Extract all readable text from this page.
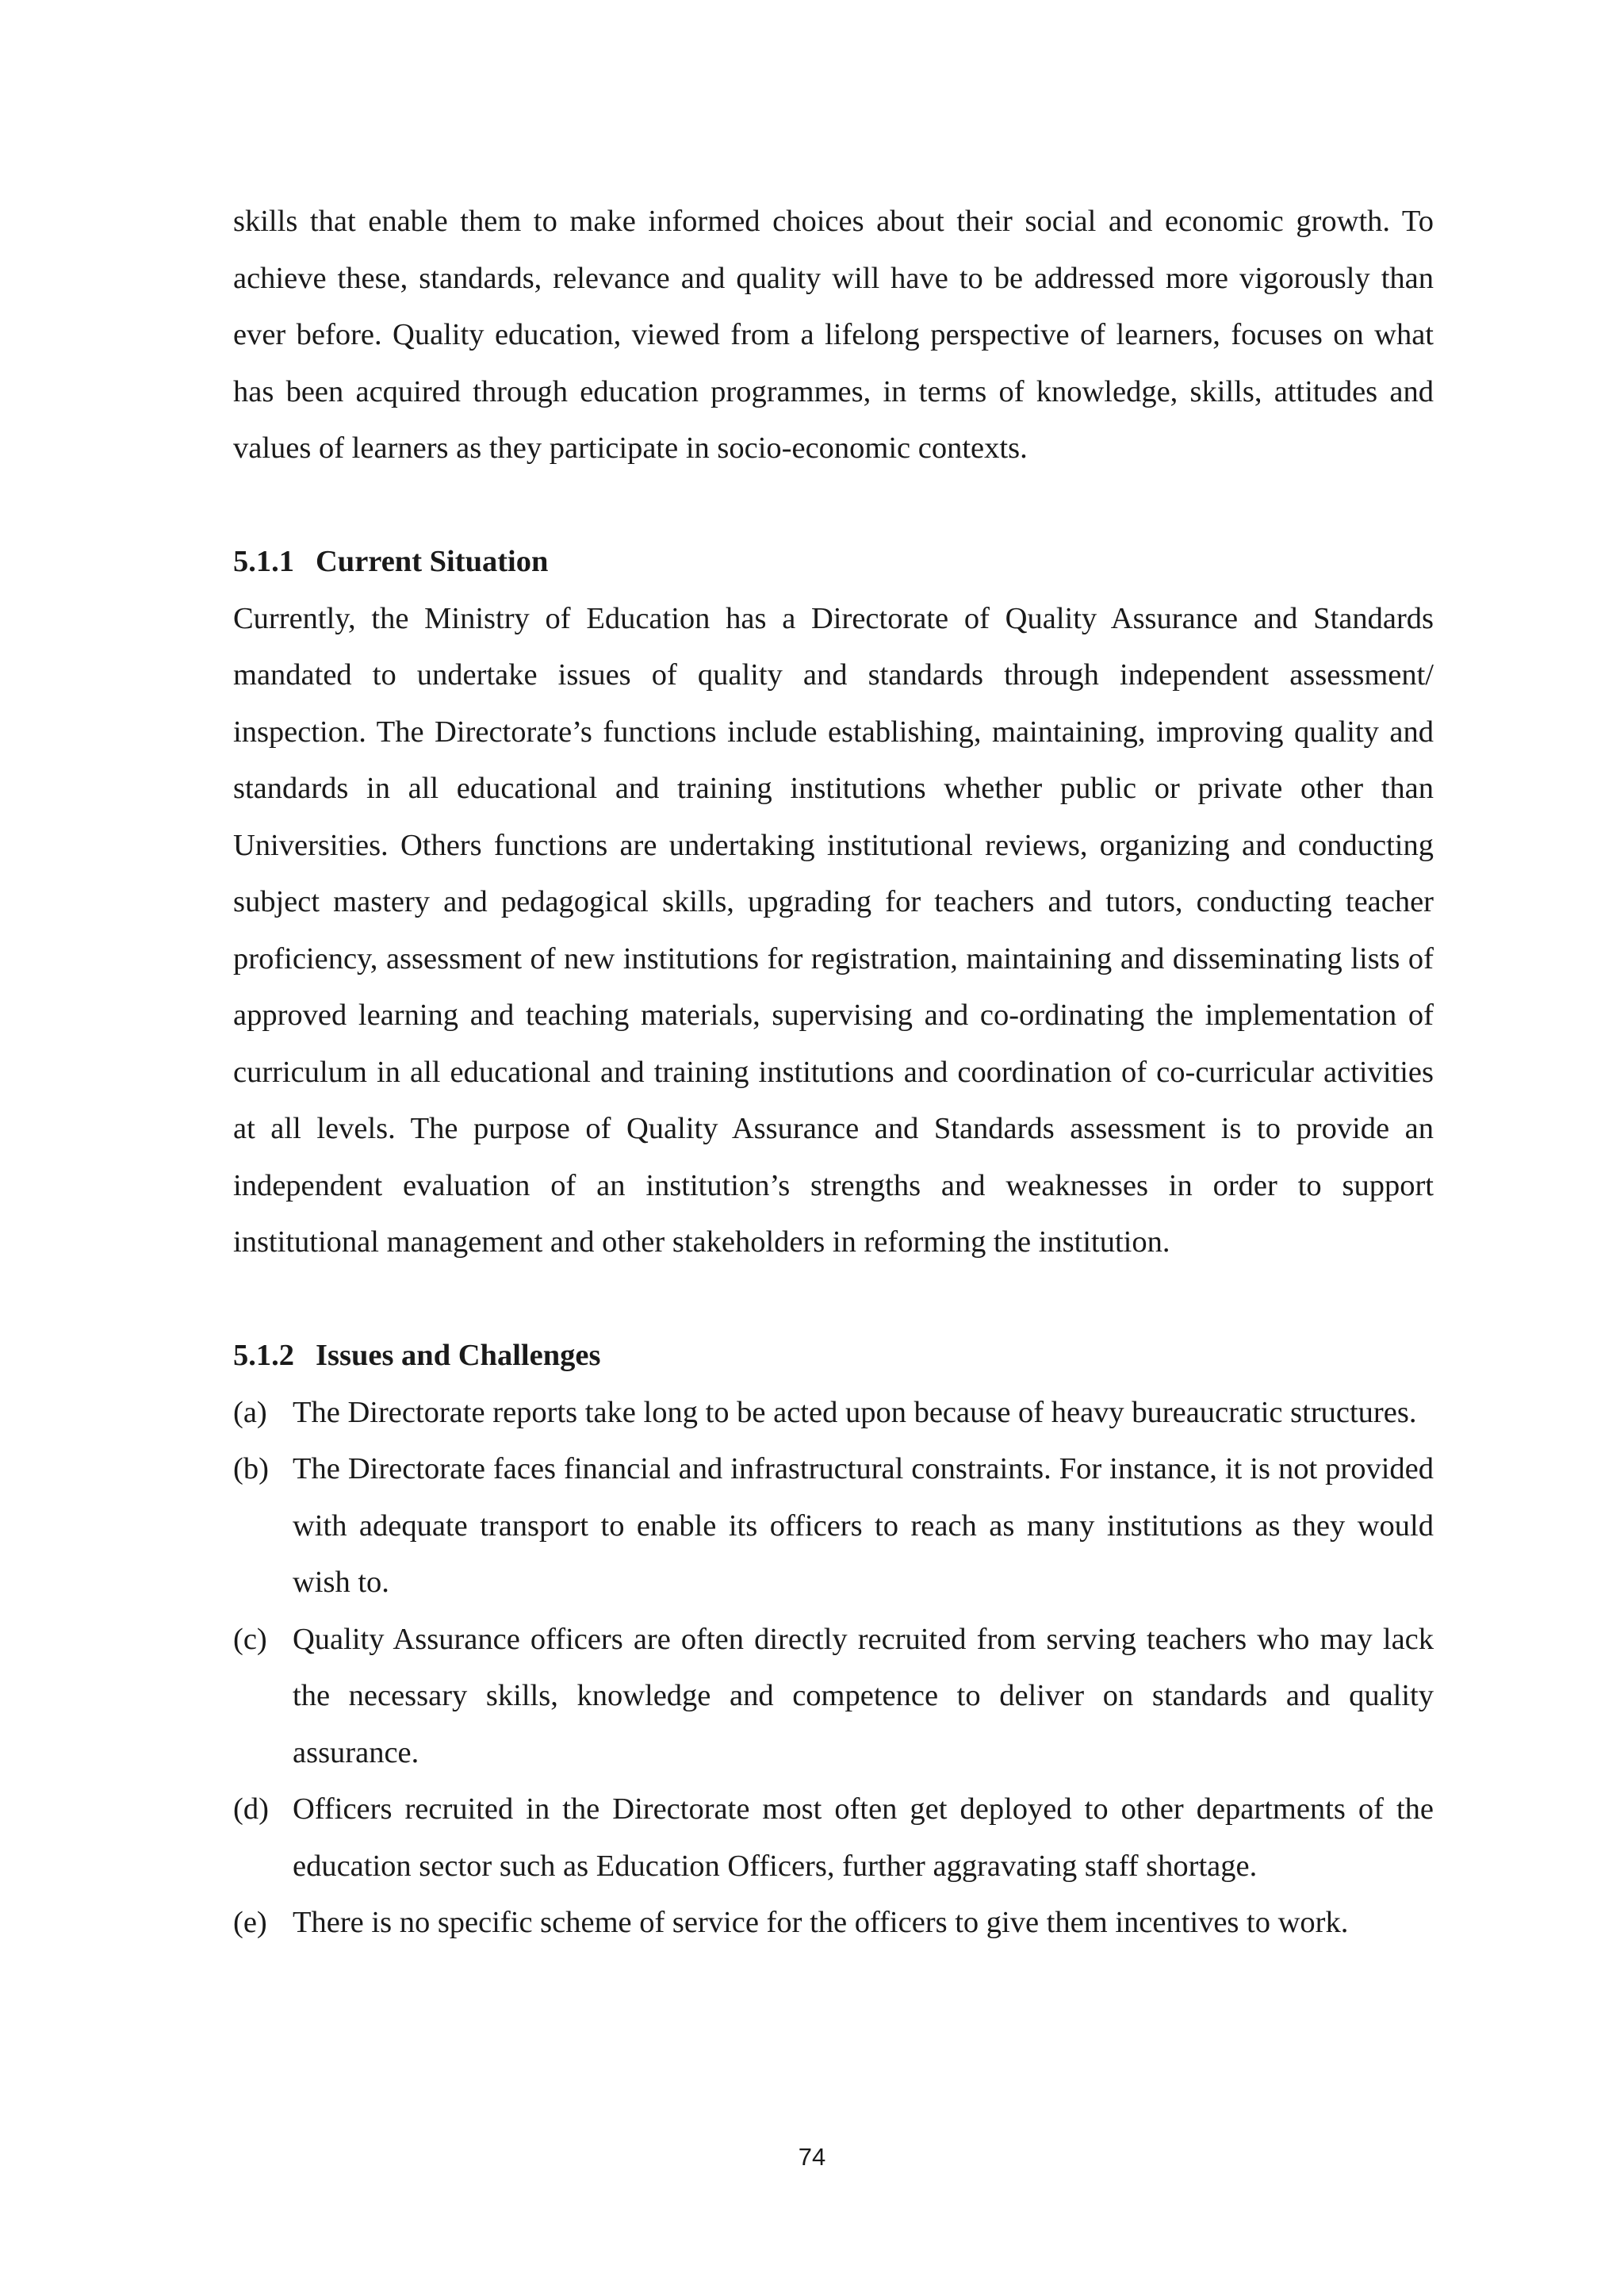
skills that enable them to make informed choices about their social and economic growth. To achieve these, standards, relevance and quality will have to be addressed more vigorously than ever before. Quality education, viewed from a lifelong perspective of learners, focuses on what has been acquired through education programmes, in terms of knowledge, skills, attitudes and values of learners as they participate in socio-economic contexts.

5.1.1 Current Situation

Currently, the Ministry of Education has a Directorate of Quality Assurance and Standards mandated to undertake issues of quality and standards through independent assessment/ inspection. The Directorate’s functions include establishing, maintaining, improving quality and standards in all educational and training institutions whether public or private other than Universities. Others functions are undertaking institutional reviews, organizing and conducting subject mastery and pedagogical skills, upgrading for teachers and tutors, conducting teacher proficiency, assessment of new institutions for registration, maintaining and disseminating lists of approved learning and teaching materials, supervising and co-ordinating the implementation of curriculum in all educational and training institutions and coordination of co-curricular activities at all levels. The purpose of Quality Assurance and Standards assessment is to provide an independent evaluation of an institution’s strengths and weaknesses in order to support institutional management and other stakeholders in reforming the institution.

5.1.2 Issues and Challenges
(a) The Directorate reports take long to be acted upon because of heavy bureaucratic structures.
(b) The Directorate faces financial and infrastructural constraints. For instance, it is not provided with adequate transport to enable its officers to reach as many institutions as they would wish to.
(c) Quality Assurance officers are often directly recruited from serving teachers who may lack the necessary skills, knowledge and competence to deliver on standards and quality assurance.
(d) Officers recruited in the Directorate most often get deployed to other departments of the education sector such as Education Officers, further aggravating staff shortage.
(e) There is no specific scheme of service for the officers to give them incentives to work.
74
